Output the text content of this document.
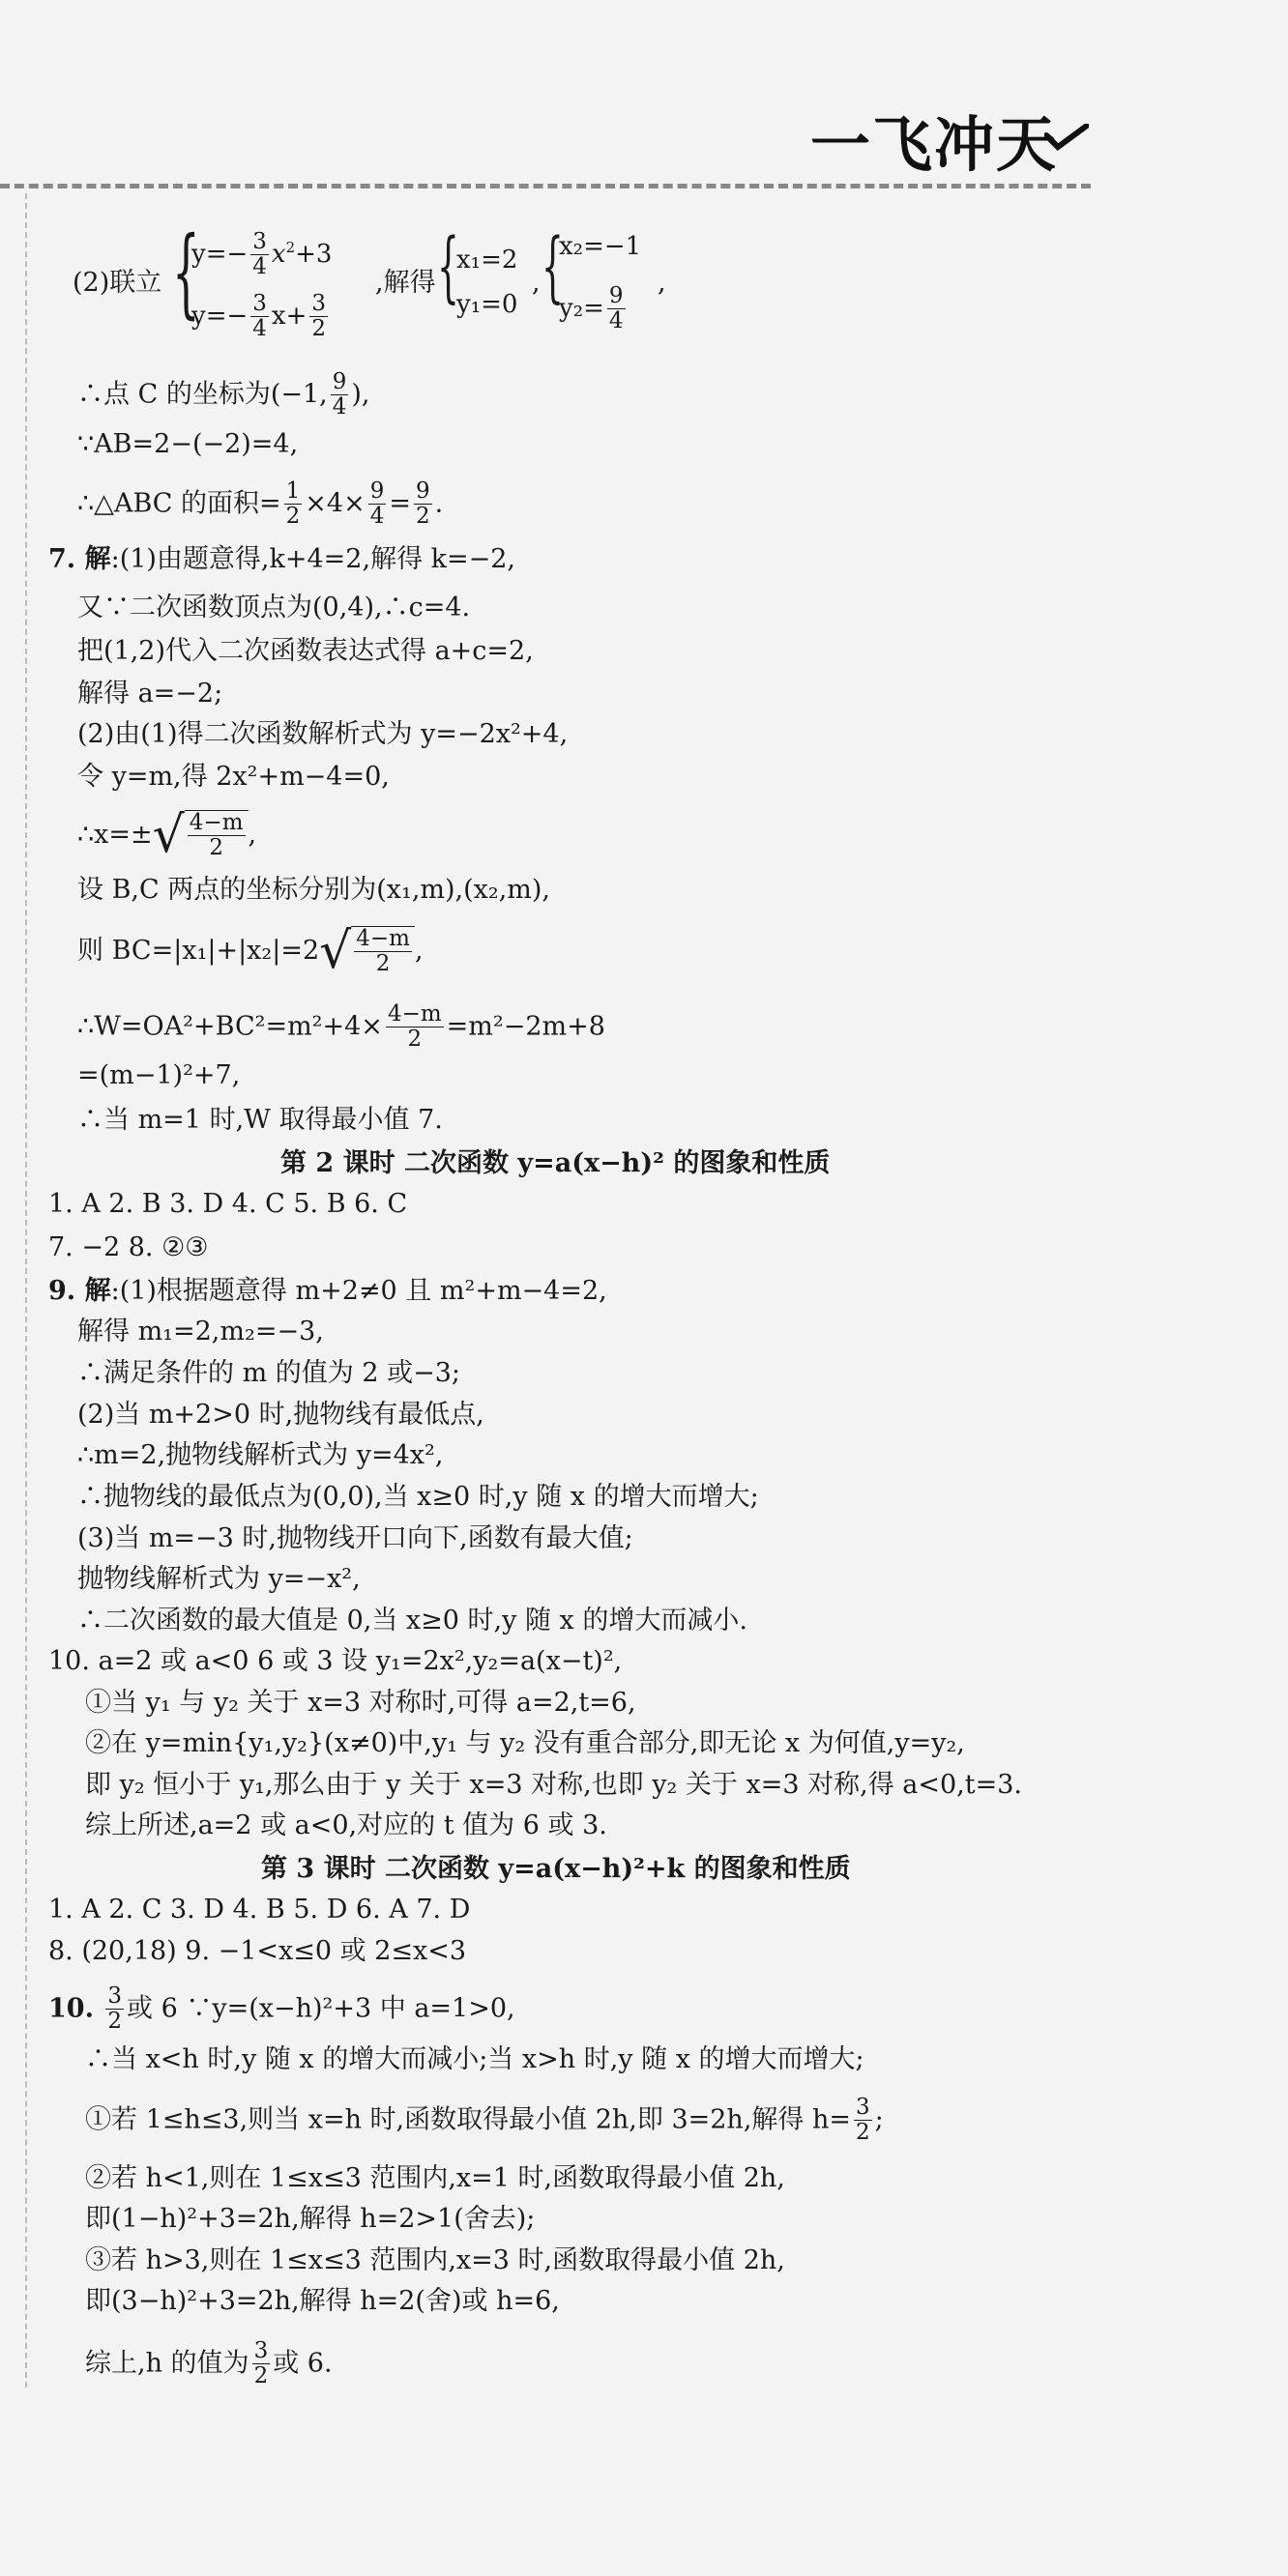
一飞冲天
(2)联立 {
$y=- \frac{3}{4} x^2+3$
$y=- \frac{3}{4} x+ \frac{3}{2}$
,解得 {
x₁=2
y₁=0
, {
x₂=−1
$y_2= \frac{9}{4}$
,
∴点 C 的坐标为(−1, $\frac{9}{4}$ ),
∵AB=2−(−2)=4,
∴△ABC 的面积= $\frac{1}{2} \times 4\times \frac{9}{4} = \frac{9}{2}$ .
7. 解:(1)由题意得,k+4=2,解得 k=−2,
又∵二次函数顶点为(0,4),∴c=4.
把(1,2)代入二次函数表达式得 a+c=2,
解得 a=−2;
(2)由(1)得二次函数解析式为 y=−2x²+4,
令 y=m,得 2x²+m−4=0,
∴x=± √ $\frac{4-m}{2}$ ,
设 B,C 两点的坐标分别为(x₁,m),(x₂,m),
则 BC=|x₁|+|x₂|=2 √ $\frac{4-m}{2}$ ,
∴W=OA²+BC²=m²+4× $\frac{4-m}{2} =m^2-2m+8$
=(m−1)²+7,
∴当 m=1 时,W 取得最小值 7.
第 2 课时 二次函数 y=a(x−h)² 的图象和性质
1. A 2. B 3. D 4. C 5. B 6. C
7. −2 8. ②③
9. 解:(1)根据题意得 m+2≠0 且 m²+m−4=2,
解得 m₁=2,m₂=−3,
∴满足条件的 m 的值为 2 或−3;
(2)当 m+2>0 时,抛物线有最低点,
∴m=2,抛物线解析式为 y=4x²,
∴抛物线的最低点为(0,0),当 x≥0 时,y 随 x 的增大而增大;
(3)当 m=−3 时,抛物线开口向下,函数有最大值;
抛物线解析式为 y=−x²,
∴二次函数的最大值是 0,当 x≥0 时,y 随 x 的增大而减小.
10. a=2 或 a<0 6 或 3 设 y₁=2x²,y₂=a(x−t)²,
①当 y₁ 与 y₂ 关于 x=3 对称时,可得 a=2,t=6,
②在 y=min{y₁,y₂}(x≠0)中,y₁ 与 y₂ 没有重合部分,即无论 x 为何值,y=y₂,
即 y₂ 恒小于 y₁,那么由于 y 关于 x=3 对称,也即 y₂ 关于 x=3 对称,得 a<0,t=3.
综上所述,a=2 或 a<0,对应的 t 值为 6 或 3.
第 3 课时 二次函数 y=a(x−h)²+k 的图象和性质
1. A 2. C 3. D 4. B 5. D 6. A 7. D
8. (20,18) 9. −1<x≤0 或 2≤x<3
10. $\frac{3}{2}$ 或 6 ∵y=(x−h)²+3 中 a=1>0,
∴当 x<h 时,y 随 x 的增大而减小;当 x>h 时,y 随 x 的增大而增大;
①若 1≤h≤3,则当 x=h 时,函数取得最小值 2h,即 3=2h,解得 $h= \frac{3}{2}$ ;
②若 h<1,则在 1≤x≤3 范围内,x=1 时,函数取得最小值 2h,
即(1−h)²+3=2h,解得 h=2>1(舍去);
③若 h>3,则在 1≤x≤3 范围内,x=3 时,函数取得最小值 2h,
即(3−h)²+3=2h,解得 h=2(舍)或 h=6,
综上,h 的值为 $\frac{3}{2}$ 或 6.
